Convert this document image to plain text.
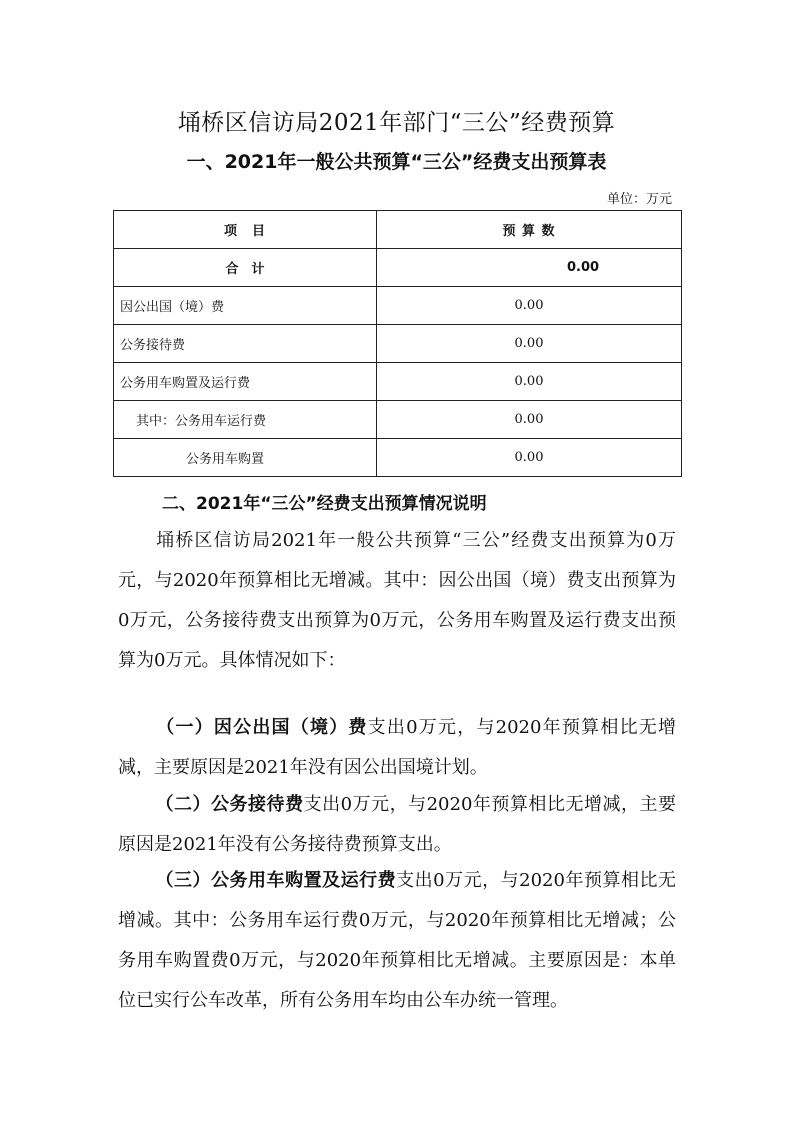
埇桥区信访局2021年部门“三公”经费预算
一、2021年一般公共预算“三公”经费支出预算表
单位：万元
项　目	预 算 数
合　计	0.00
因公出国（境）费	0.00
公务接待费	0.00
公务用车购置及运行费	0.00
其中：公务用车运行费	0.00
公务用车购置	0.00
二、2021年“三公”经费支出预算情况说明

埇桥区信访局2021年一般公共预算“三公”经费支出预算为0万元，与2020年预算相比无增减。其中：因公出国（境）费支出预算为0万元，公务接待费支出预算为0万元，公务用车购置及运行费支出预算为0万元。具体情况如下：

（一）因公出国（境）费支出0万元，与2020年预算相比无增减，主要原因是2021年没有因公出国境计划。

（二）公务接待费支出0万元，与2020年预算相比无增减，主要原因是2021年没有公务接待费预算支出。

（三）公务用车购置及运行费支出0万元，与2020年预算相比无增减。其中：公务用车运行费0万元，与2020年预算相比无增减；公务用车购置费0万元，与2020年预算相比无增减。主要原因是：本单位已实行公车改革，所有公务用车均由公车办统一管理。
